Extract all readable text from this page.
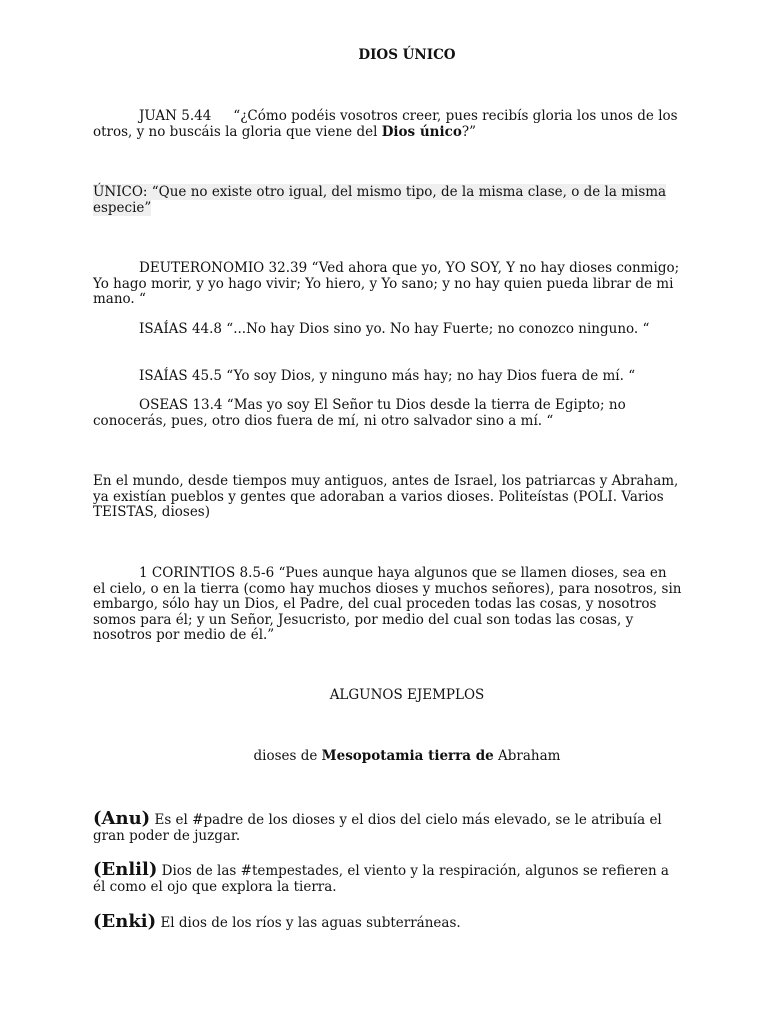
DIOS ÚNICO

JUAN 5.44 “¿Cómo podéis vosotros creer, pues recibís gloria los unos de los otros, y no buscáis la gloria que viene del Dios único?”

ÚNICO: “Que no existe otro igual, del mismo tipo, de la misma clase, o de la misma especie”

DEUTERONOMIO 32.39 “Ved ahora que yo, YO SOY, Y no hay dioses conmigo; Yo hago morir, y yo hago vivir; Yo hiero, y Yo sano; y no hay quien pueda librar de mi mano. “

ISAÍAS 44.8 “...No hay Dios sino yo. No hay Fuerte; no conozco ninguno. “

ISAÍAS 45.5 “Yo soy Dios, y ninguno más hay; no hay Dios fuera de mí. “

OSEAS 13.4 “Mas yo soy El Señor tu Dios desde la tierra de Egipto; no conocerás, pues, otro dios fuera de mí, ni otro salvador sino a mí. “

En el mundo, desde tiempos muy antiguos, antes de Israel, los patriarcas y Abraham, ya existían pueblos y gentes que adoraban a varios dioses. Politeístas (POLI. Varios TEISTAS, dioses)

1 CORINTIOS 8.5-6 “Pues aunque haya algunos que se llamen dioses, sea en el cielo, o en la tierra (como hay muchos dioses y muchos señores), para nosotros, sin embargo, sólo hay un Dios, el Padre, del cual proceden todas las cosas, y nosotros somos para él; y un Señor, Jesucristo, por medio del cual son todas las cosas, y nosotros por medio de él.”

ALGUNOS EJEMPLOS

dioses de Mesopotamia tierra de Abraham

(Anu) Es el #padre de los dioses y el dios del cielo más elevado, se le atribuía el gran poder de juzgar.

(Enlil) Dios de las #tempestades, el viento y la respiración, algunos se refieren a él como el ojo que explora la tierra.

(Enki) El dios de los ríos y las aguas subterráneas.
